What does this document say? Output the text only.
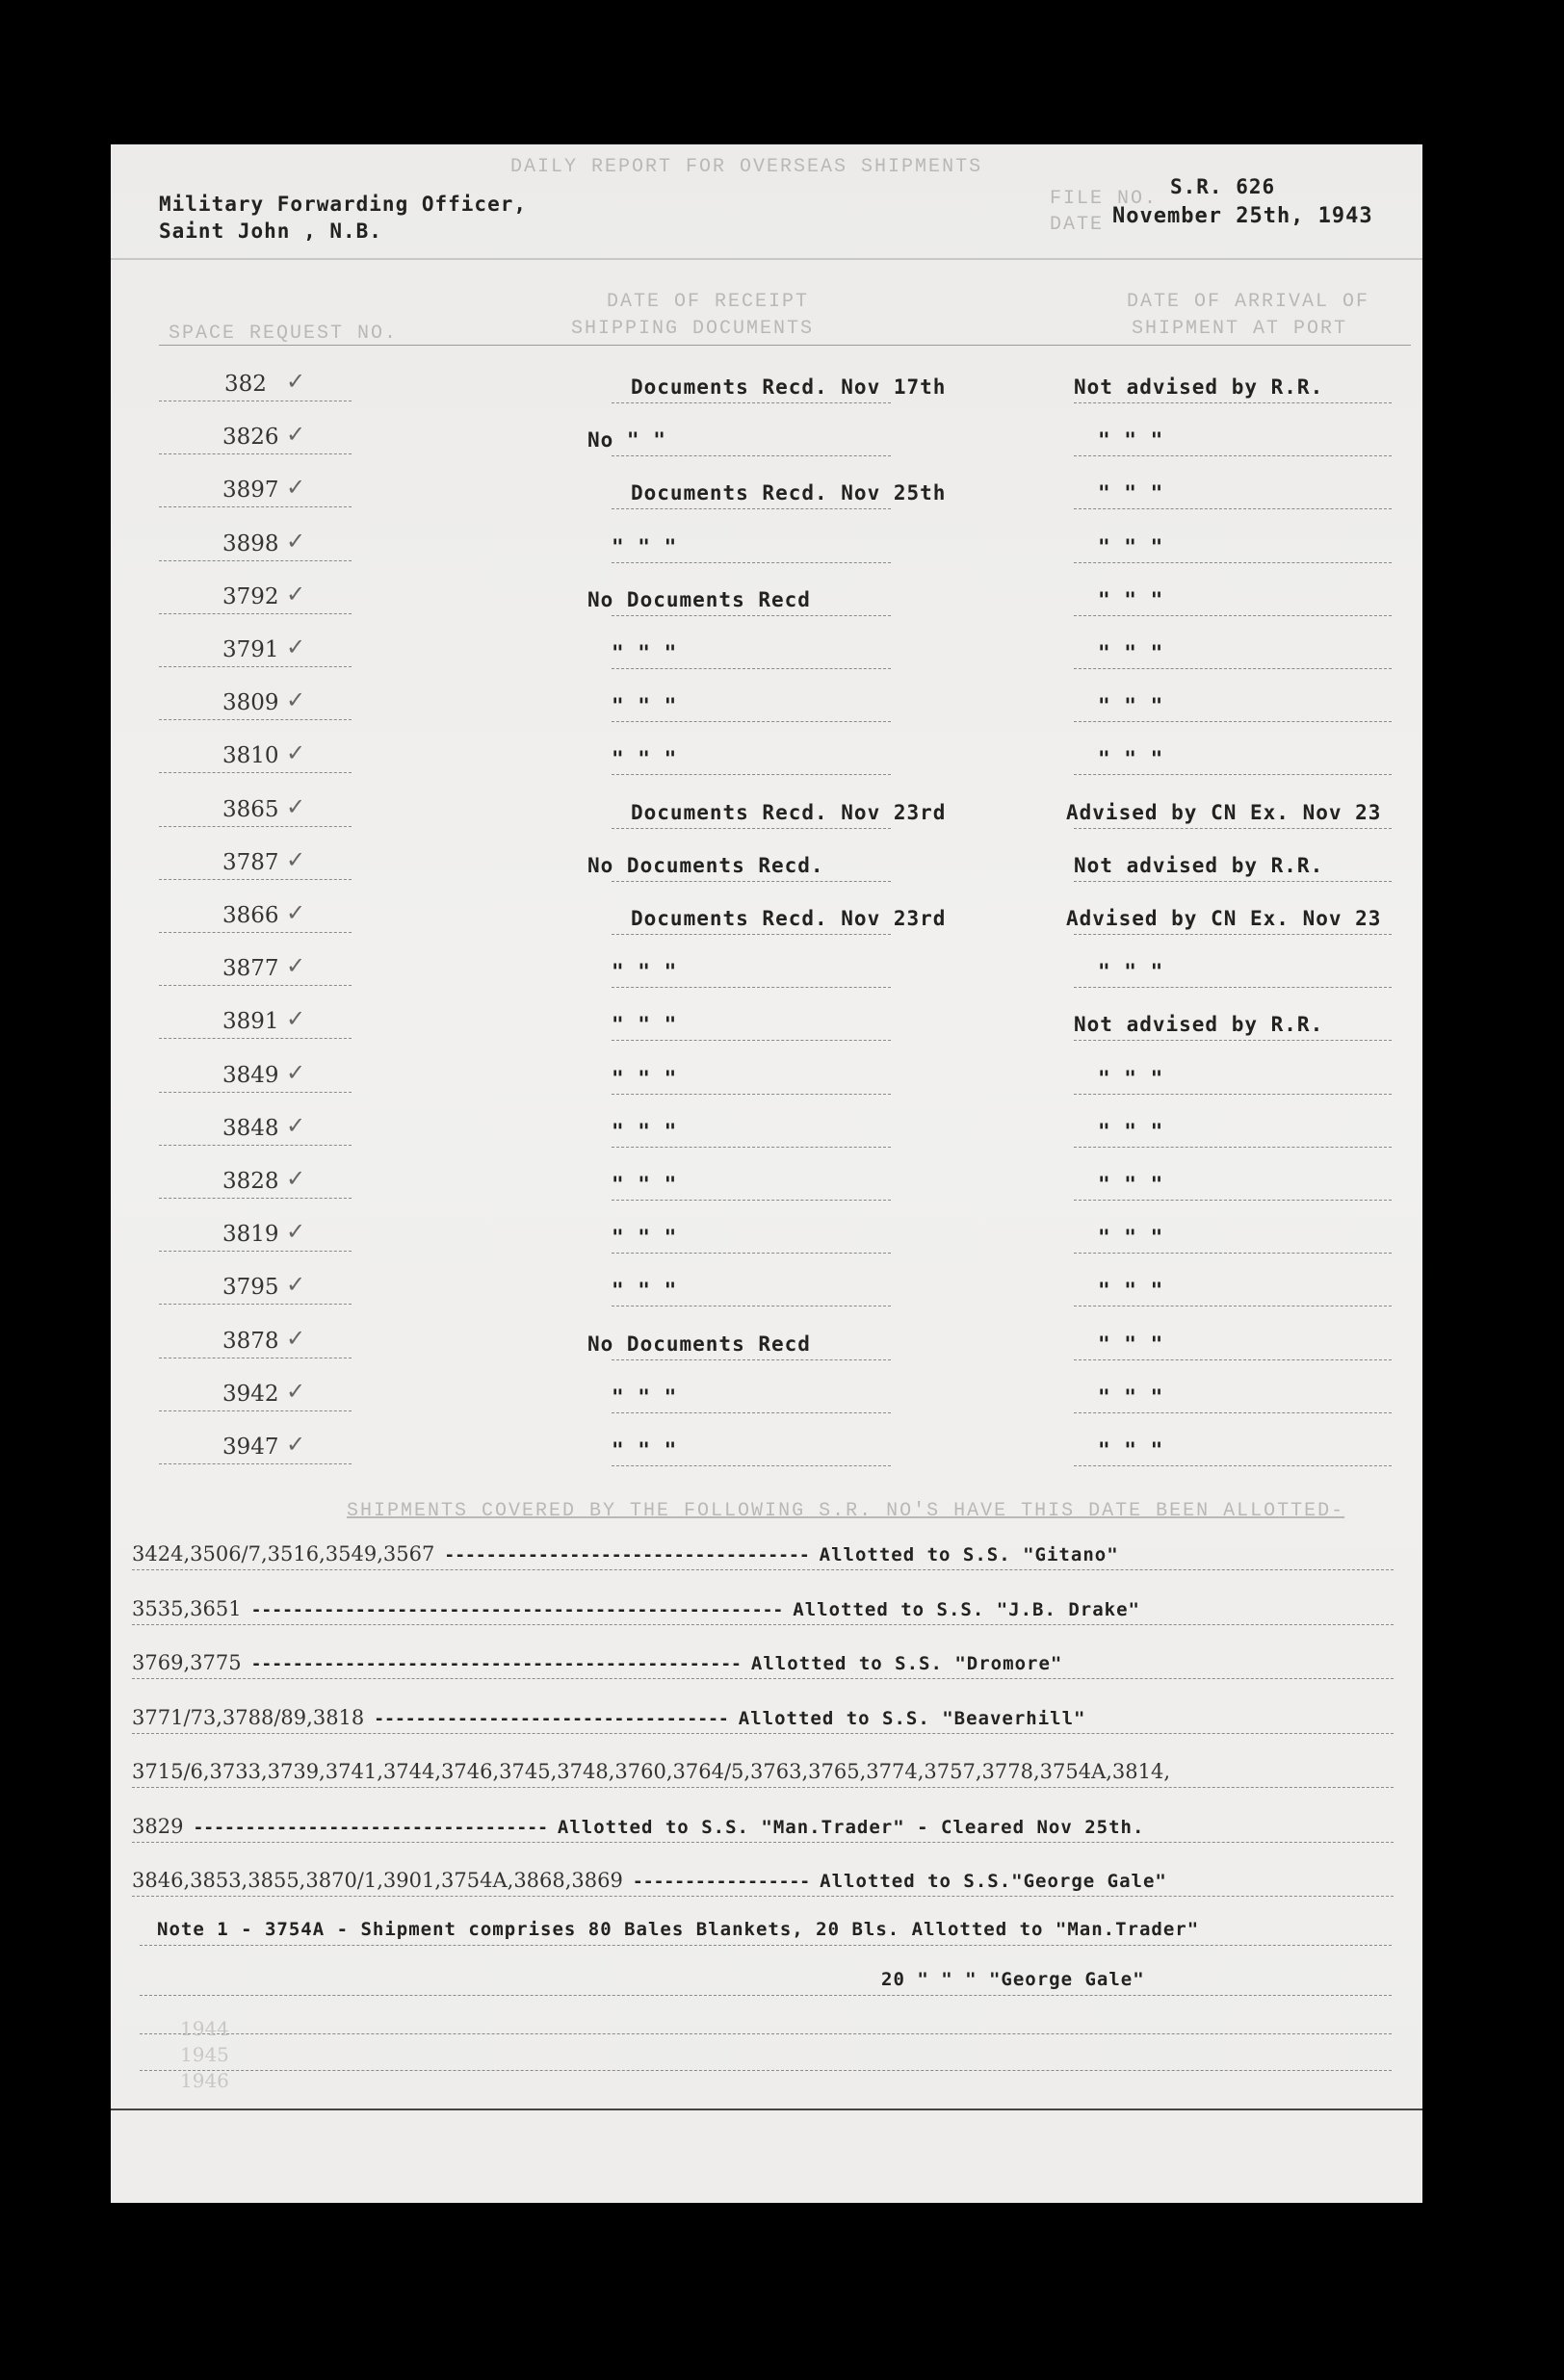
DAILY REPORT FOR OVERSEAS SHIPMENTS
Military Forwarding Officer,
Saint John , N.B.
FILE NO.
DATE
S.R. 626
November 25th, 1943
DATE OF RECEIPT
SHIPPING DOCUMENTS
DATE OF ARRIVAL OF
SHIPMENT AT PORT
SPACE REQUEST NO.
382 ✓	Documents Recd. Nov 17th	Not advised by R.R.
3826 ✓	No " "	" " "
3897 ✓	Documents Recd. Nov 25th	" " "
3898 ✓	" " "	" " "
3792 ✓	No Documents Recd	" " "
3791 ✓	" " "	" " "
3809 ✓	" " "	" " "
3810 ✓	" " "	" " "
3865 ✓	Documents Recd. Nov 23rd	Advised by CN Ex. Nov 23
3787 ✓	No Documents Recd.	Not advised by R.R.
3866 ✓	Documents Recd. Nov 23rd	Advised by CN Ex. Nov 23
3877 ✓	" " "	" " "
3891 ✓	" " "	Not advised by R.R.
3849 ✓	" " "	" " "
3848 ✓	" " "	" " "
3828 ✓	" " "	" " "
3819 ✓	" " "	" " "
3795 ✓	" " "	" " "
3878 ✓	No Documents Recd	" " "
3942 ✓	" " "	" " "
3947 ✓	" " "	" " "
SHIPMENTS COVERED BY THE FOLLOWING S.R. NO'S HAVE THIS DATE BEEN ALLOTTED-
3424,3506/7,3516,3549,3567 ----------------------------------- Allotted to S.S. "Gitano"
3535,3651 --------------------------------------------------- Allotted to S.S. "J.B. Drake"
3769,3775 ----------------------------------------------- Allotted to S.S. "Dromore"
3771/73,3788/89,3818 ---------------------------------- Allotted to S.S. "Beaverhill"
3715/6,3733,3739,3741,3744,3746,3745,3748,3760,3764/5,3763,3765,3774,3757,3778,3754A,3814,
3829 ---------------------------------- Allotted to S.S. "Man.Trader" - Cleared Nov 25th.
3846,3853,3855,3870/1,3901,3754A,3868,3869 ----------------- Allotted to S.S."George Gale"
Note 1 - 3754A - Shipment comprises 80 Bales Blankets, 20 Bls. Allotted to "Man.Trader"
20 " " " "George Gale"
1944
1945
1946
